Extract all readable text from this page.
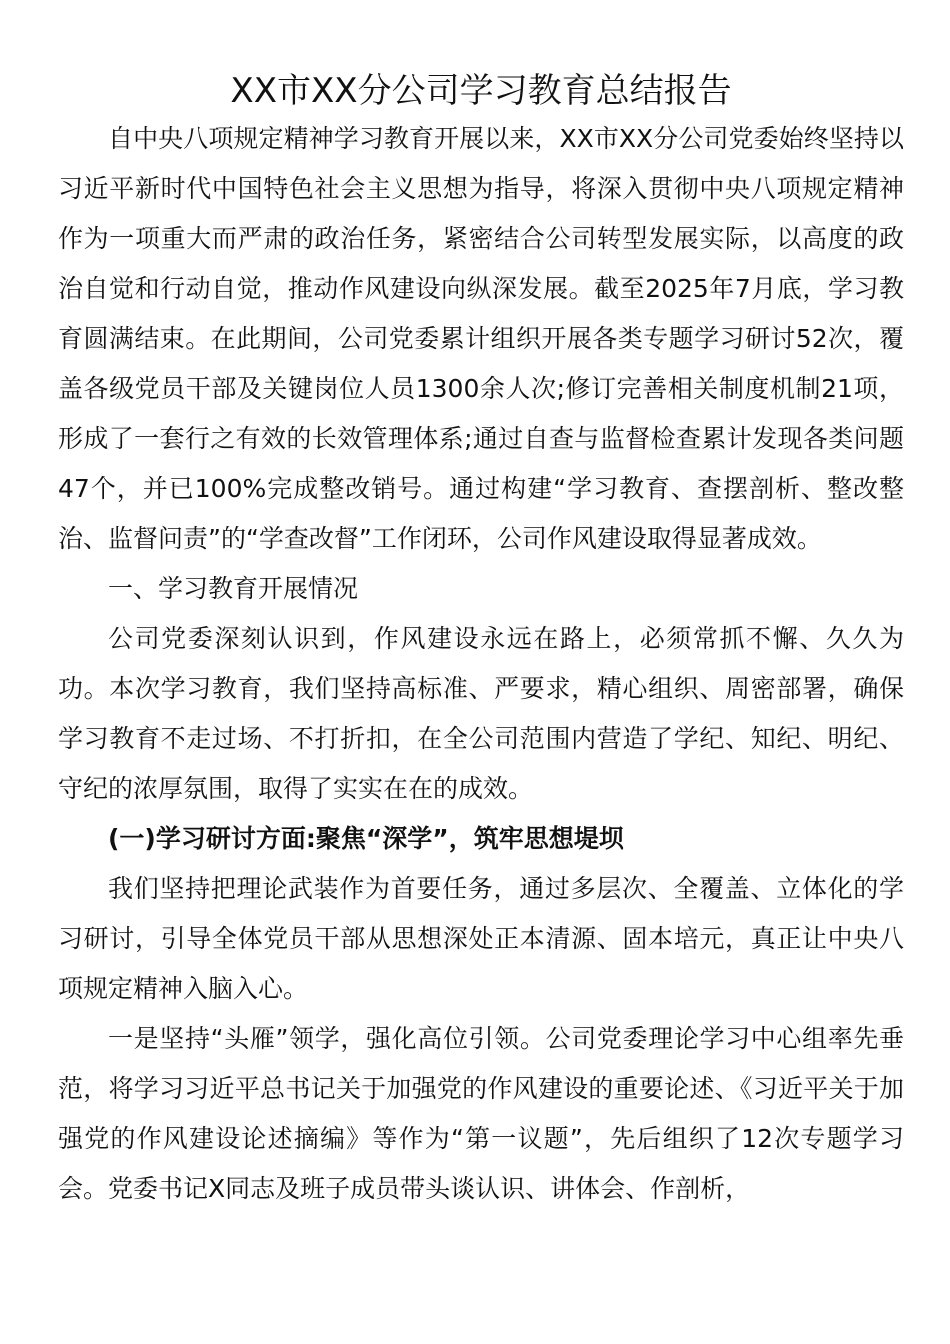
XX市XX分公司学习教育总结报告

自中央八项规定精神学习教育开展以来，XX市XX分公司党委始终坚持以习近平新时代中国特色社会主义思想为指导，将深入贯彻中央八项规定精神作为一项重大而严肃的政治任务，紧密结合公司转型发展实际，以高度的政治自觉和行动自觉，推动作风建设向纵深发展。截至2025年7月底，学习教育圆满结束。在此期间，公司党委累计组织开展各类专题学习研讨52次，覆盖各级党员干部及关键岗位人员1300余人次;修订完善相关制度机制21项，形成了一套行之有效的长效管理体系;通过自查与监督检查累计发现各类问题47个，并已100%完成整改销号。通过构建“学习教育、查摆剖析、整改整治、监督问责”的“学查改督”工作闭环，公司作风建设取得显著成效。

一、学习教育开展情况

公司党委深刻认识到，作风建设永远在路上，必须常抓不懈、久久为功。本次学习教育，我们坚持高标准、严要求，精心组织、周密部署，确保学习教育不走过场、不打折扣，在全公司范围内营造了学纪、知纪、明纪、守纪的浓厚氛围，取得了实实在在的成效。

(一)学习研讨方面:聚焦“深学”，筑牢思想堤坝

我们坚持把理论武装作为首要任务，通过多层次、全覆盖、立体化的学习研讨，引导全体党员干部从思想深处正本清源、固本培元，真正让中央八项规定精神入脑入心。

一是坚持“头雁”领学，强化高位引领。公司党委理论学习中心组率先垂范，将学习习近平总书记关于加强党的作风建设的重要论述、《习近平关于加强党的作风建设论述摘编》等作为“第一议题”，先后组织了12次专题学习会。党委书记X同志及班子成员带头谈认识、讲体会、作剖析，
